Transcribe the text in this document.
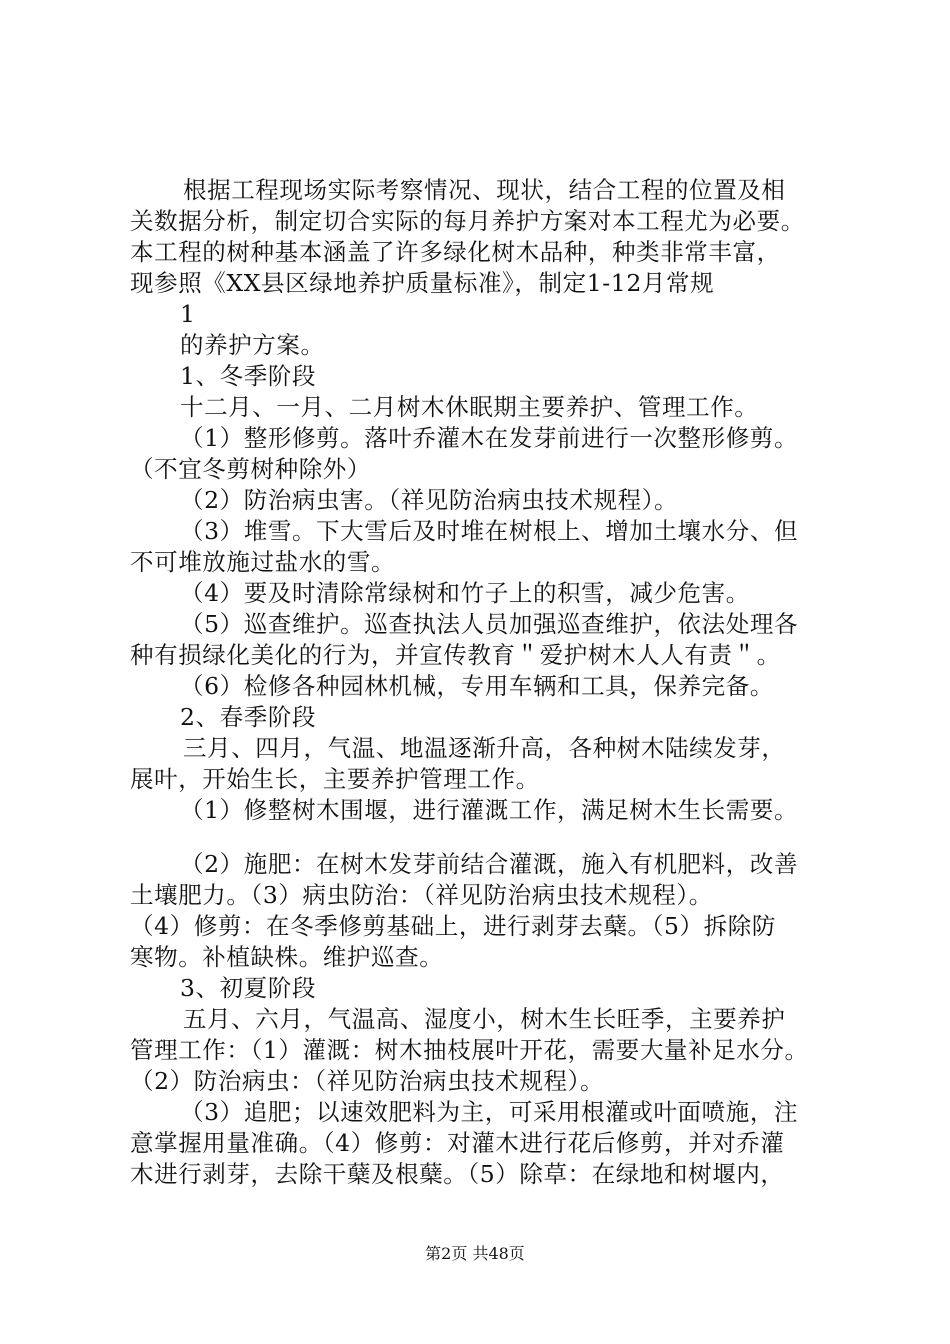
根据工程现场实际考察情况、现状，结合工程的位置及相
关数据分析，制定切合实际的每月养护方案对本工程尤为必要。
本工程的树种基本涵盖了许多绿化树木品种，种类非常丰富，
现参照《XX县区绿地养护质量标准》，制定1-12月常规
1
的养护方案。
1、冬季阶段
十二月、一月、二月树木休眠期主要养护、管理工作。
（1）整形修剪。落叶乔灌木在发芽前进行一次整形修剪。
（不宜冬剪树种除外）
（2）防治病虫害。（祥见防治病虫技术规程）。
（3）堆雪。下大雪后及时堆在树根上、增加土壤水分、但
不可堆放施过盐水的雪。
（4）要及时清除常绿树和竹子上的积雪，减少危害。
（5）巡查维护。巡查执法人员加强巡查维护，依法处理各
种有损绿化美化的行为，并宣传教育＂爱护树木人人有责＂。
（6）检修各种园林机械，专用车辆和工具，保养完备。
2、春季阶段
三月、四月，气温、地温逐渐升高，各种树木陆续发芽，
展叶，开始生长，主要养护管理工作。
（1）修整树木围堰，进行灌溉工作，满足树木生长需要。
（2）施肥：在树木发芽前结合灌溉，施入有机肥料，改善
土壤肥力。（3）病虫防治：（祥见防治病虫技术规程）。
（4）修剪：在冬季修剪基础上，进行剥芽去蘖。（5）拆除防
寒物。补植缺株。维护巡查。
3、初夏阶段
五月、六月，气温高、湿度小，树木生长旺季，主要养护
管理工作：（1）灌溉：树木抽枝展叶开花，需要大量补足水分。
（2）防治病虫：（祥见防治病虫技术规程）。
（3）追肥；以速效肥料为主，可采用根灌或叶面喷施，注
意掌握用量准确。（4）修剪：对灌木进行花后修剪，并对乔灌
木进行剥芽，去除干蘖及根蘖。（5）除草：在绿地和树堰内，
第2页 共48页
